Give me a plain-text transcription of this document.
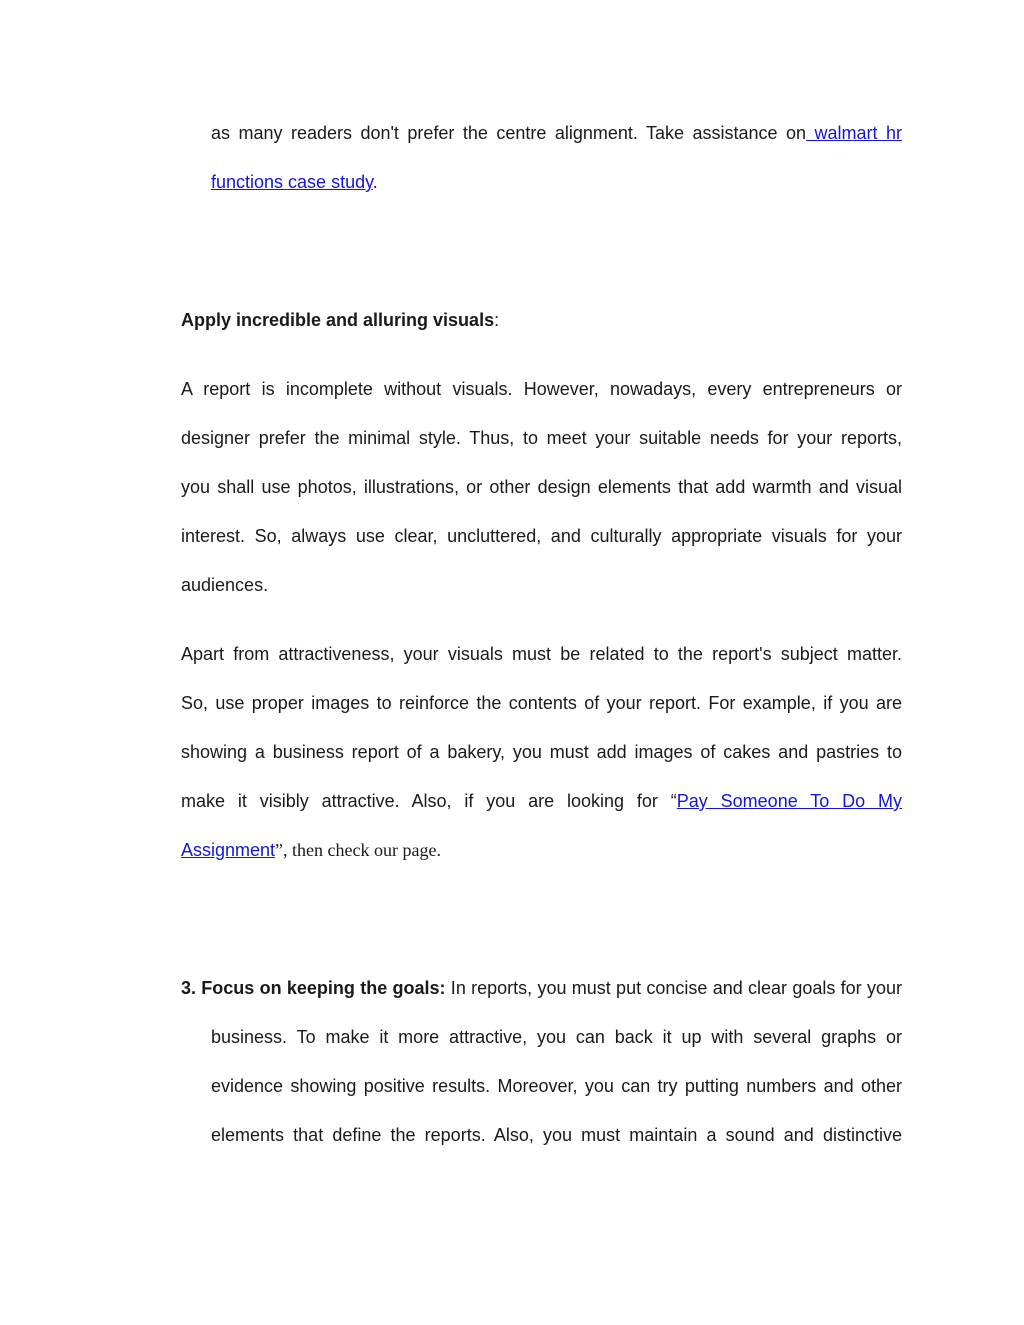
as many readers don't prefer the centre alignment. Take assistance on walmart hr

functions case study.

Apply incredible and alluring visuals:

A report is incomplete without visuals. However, nowadays, every entrepreneurs or

designer prefer the minimal style. Thus, to meet your suitable needs for your reports,

you shall use photos, illustrations, or other design elements that add warmth and visual

interest. So, always use clear, uncluttered, and culturally appropriate visuals for your

audiences.

Apart from attractiveness, your visuals must be related to the report's subject matter.

So, use proper images to reinforce the contents of your report. For example, if you are

showing a business report of a bakery, you must add images of cakes and pastries to

make it visibly attractive. Also, if you are looking for “Pay Someone To Do My

Assignment”, then check our page.

3. Focus on keeping the goals: In reports, you must put concise and clear goals for your

business. To make it more attractive, you can back it up with several graphs or

evidence showing positive results. Moreover, you can try putting numbers and other

elements that define the reports. Also, you must maintain a sound and distinctive
